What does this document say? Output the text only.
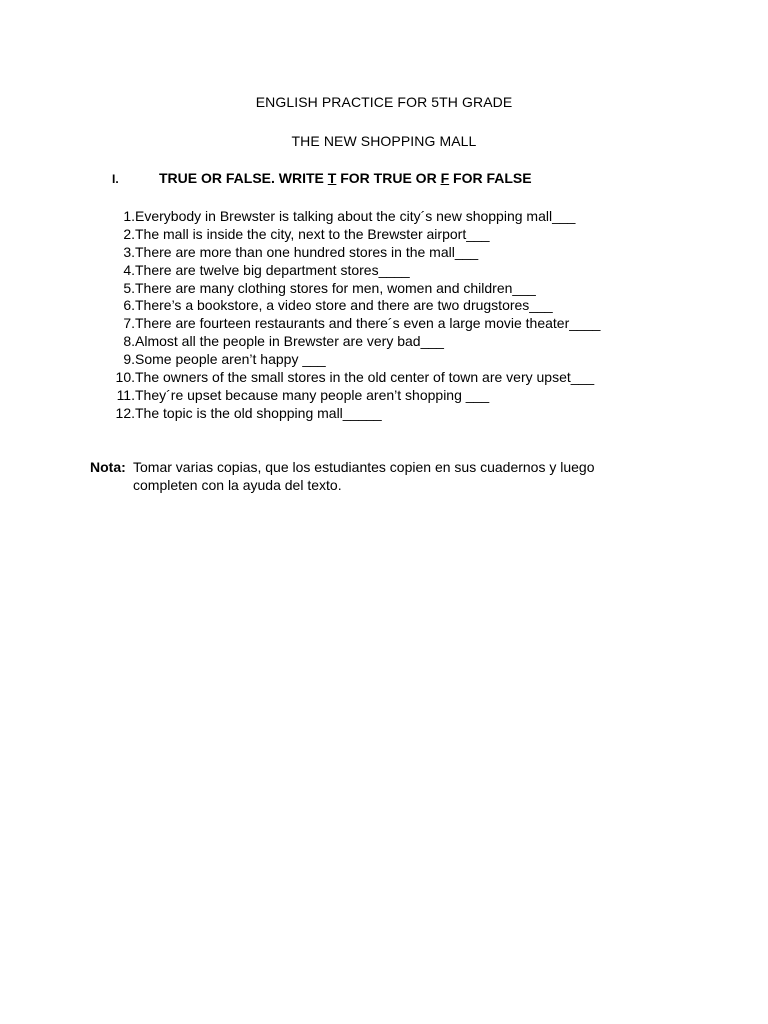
ENGLISH PRACTICE FOR 5TH GRADE
THE NEW SHOPPING MALL
I.	TRUE OR FALSE. WRITE T FOR TRUE OR F FOR FALSE
1. Everybody in Brewster is talking about the city´s new shopping mall___
2. The mall is inside the city, next to the Brewster airport___
3. There are more than one hundred stores in the mall___
4. There are twelve big department stores____
5. There are many clothing stores for men, women and children___
6. There’s a bookstore, a video store and there are two drugstores___
7. There are fourteen restaurants and there´s even a large movie theater____
8. Almost all the people in Brewster are very bad___
9. Some people aren’t happy ___
10. The owners of the small stores in the old center of town are very upset___
11. They´re upset because many people aren’t shopping ___
12. The topic is the old shopping mall_____
Nota: Tomar varias copias, que los estudiantes copien en sus cuadernos y luego completen con la ayuda del texto.
